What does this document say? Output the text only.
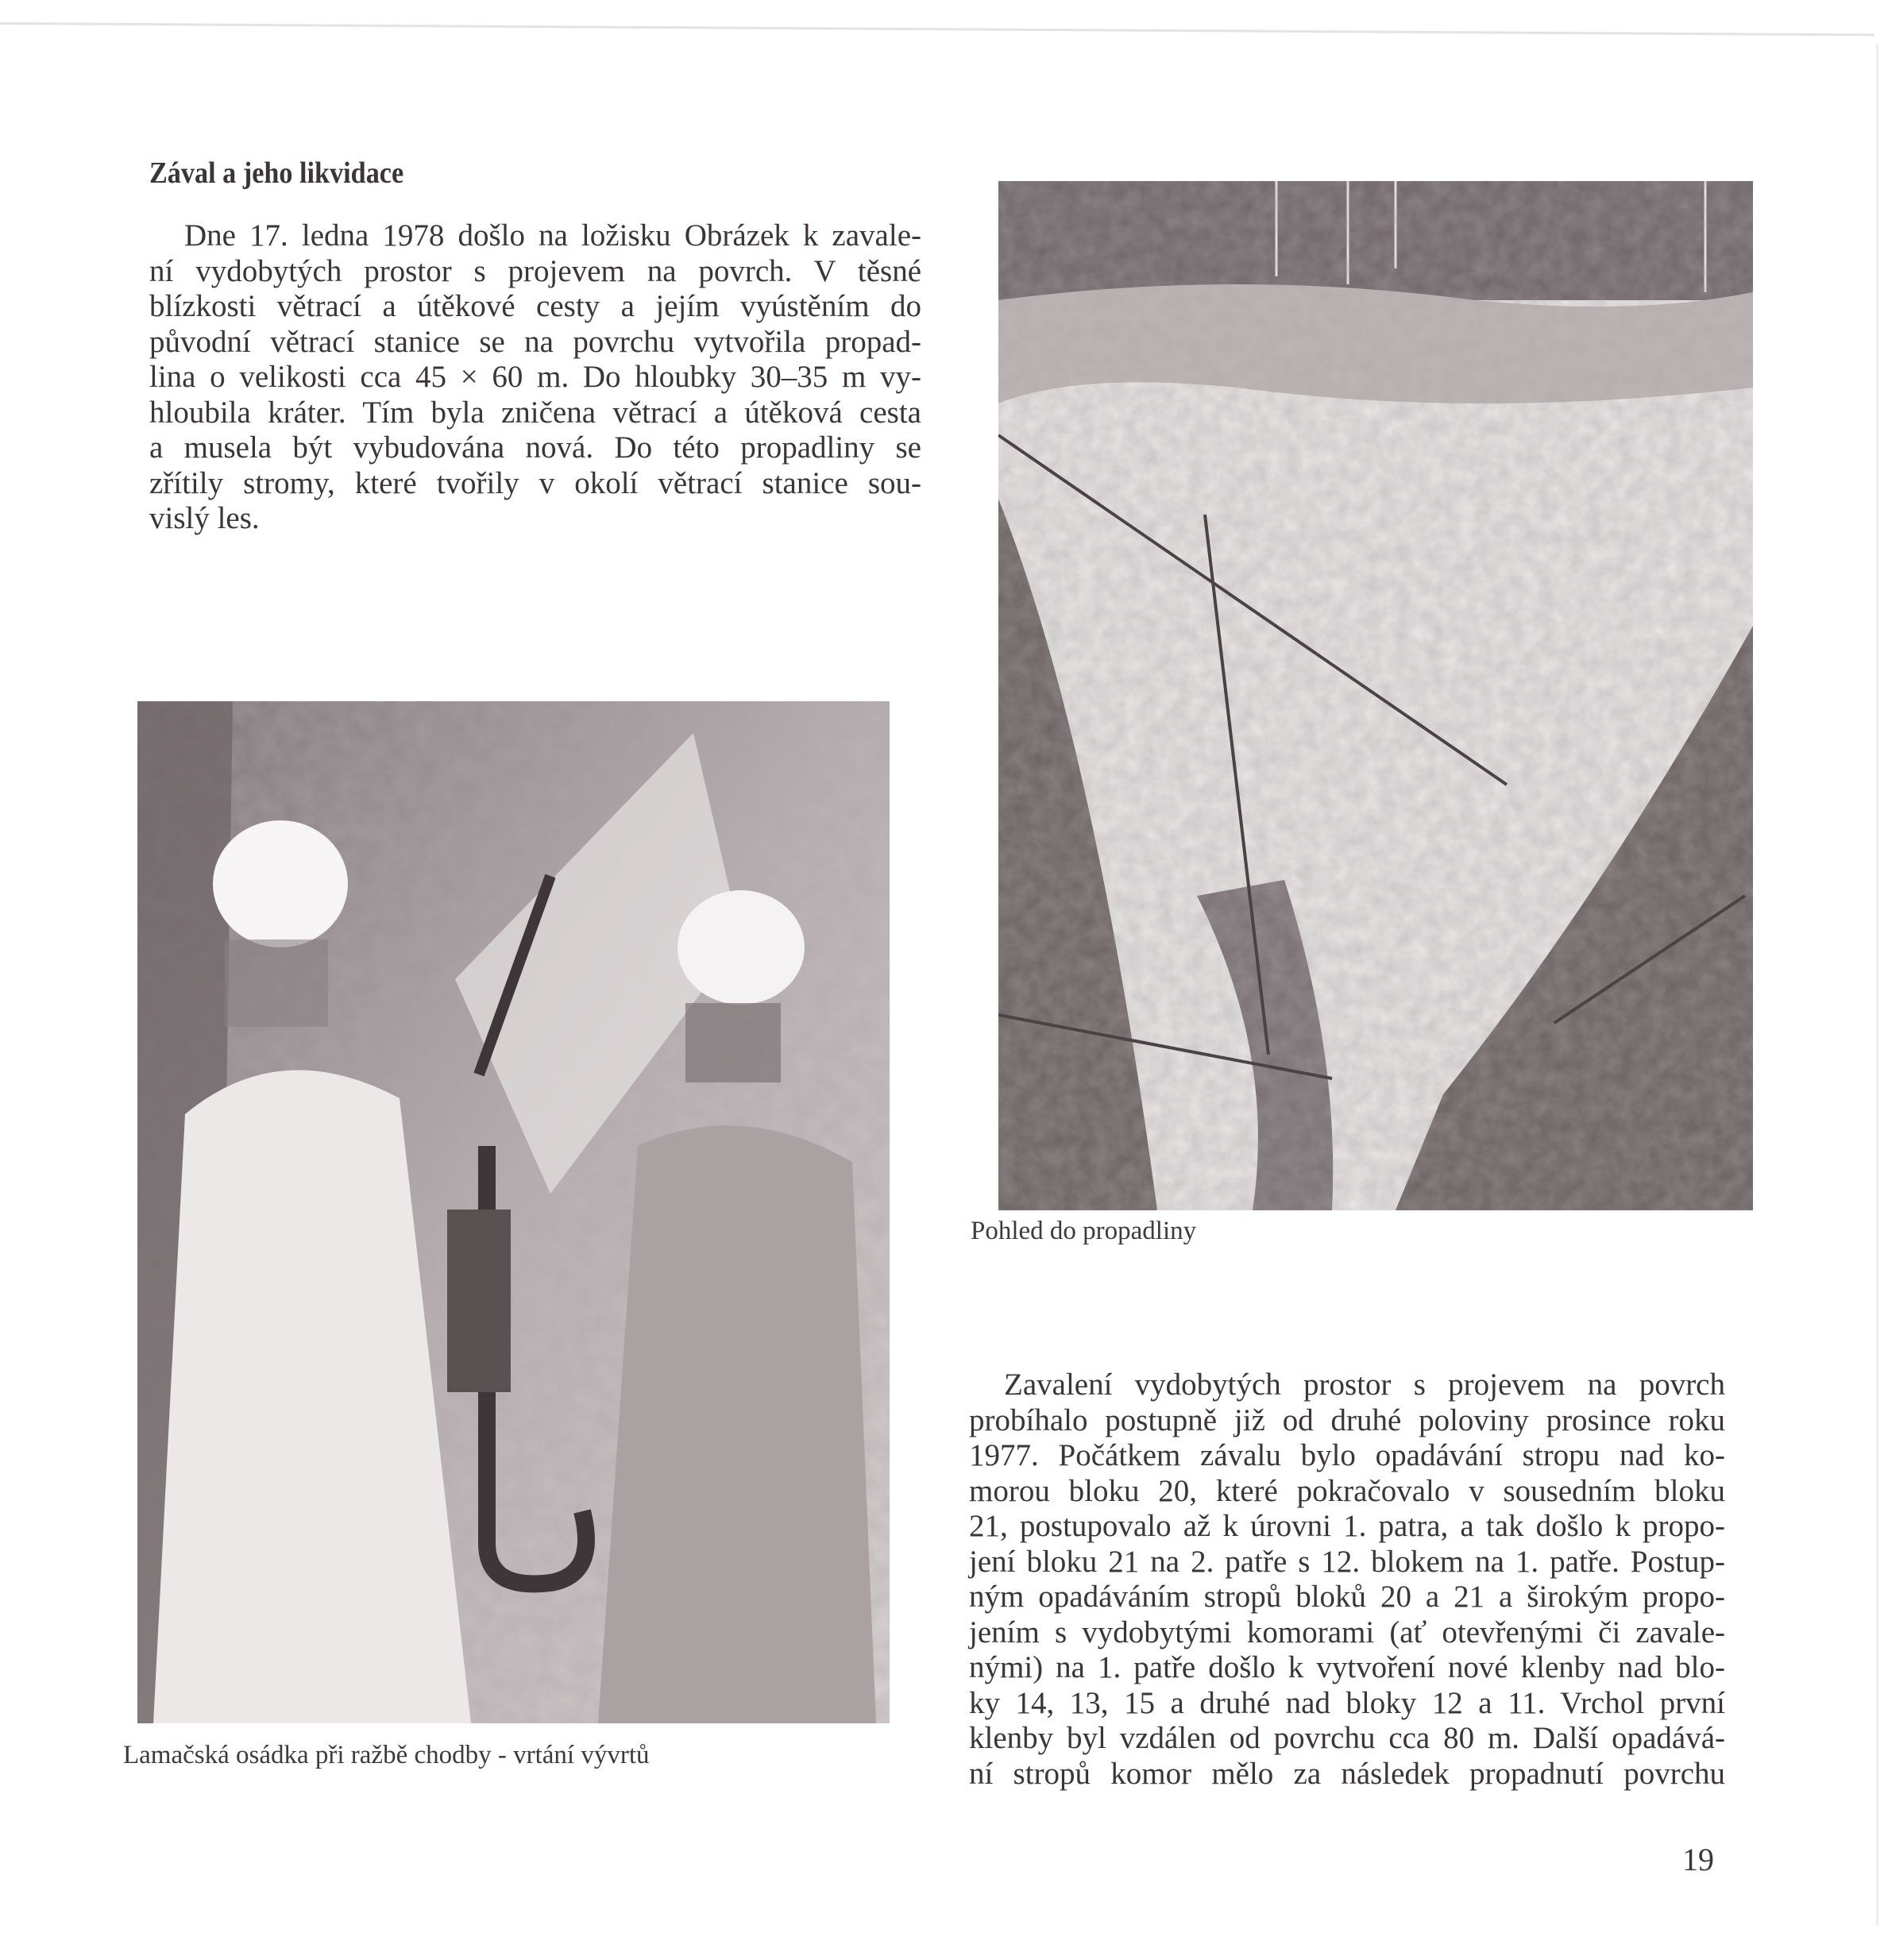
Zával a jeho likvidace
Dne 17. ledna 1978 došlo na ložisku Obrázek k zavale-
ní vydobytých prostor s projevem na povrch. V těsné
blízkosti větrací a útěkové cesty a jejím vyústěním do
původní větrací stanice se na povrchu vytvořila propad-
lina o velikosti cca 45 × 60 m. Do hloubky 30–35 m vy-
hloubila kráter. Tím byla zničena větrací a útěková cesta
a musela být vybudována nová. Do této propadliny se
zřítily stromy, které tvořily v okolí větrací stanice sou-
vislý les.
Lamačská osádka při ražbě chodby - vrtání vývrtů
Pohled do propadliny
Zavalení vydobytých prostor s projevem na povrch
probíhalo postupně již od druhé poloviny prosince roku
1977. Počátkem závalu bylo opadávání stropu nad ko-
morou bloku 20, které pokračovalo v sousedním bloku
21, postupovalo až k úrovni 1. patra, a tak došlo k propo-
jení bloku 21 na 2. patře s 12. blokem na 1. patře. Postup-
ným opadáváním stropů bloků 20 a 21 a širokým propo-
jením s vydobytými komorami (ať otevřenými či zavale-
nými) na 1. patře došlo k vytvoření nové klenby nad blo-
ky 14, 13, 15 a druhé nad bloky 12 a 11. Vrchol první
klenby byl vzdálen od povrchu cca 80 m. Další opadává-
ní stropů komor mělo za následek propadnutí povrchu
19
